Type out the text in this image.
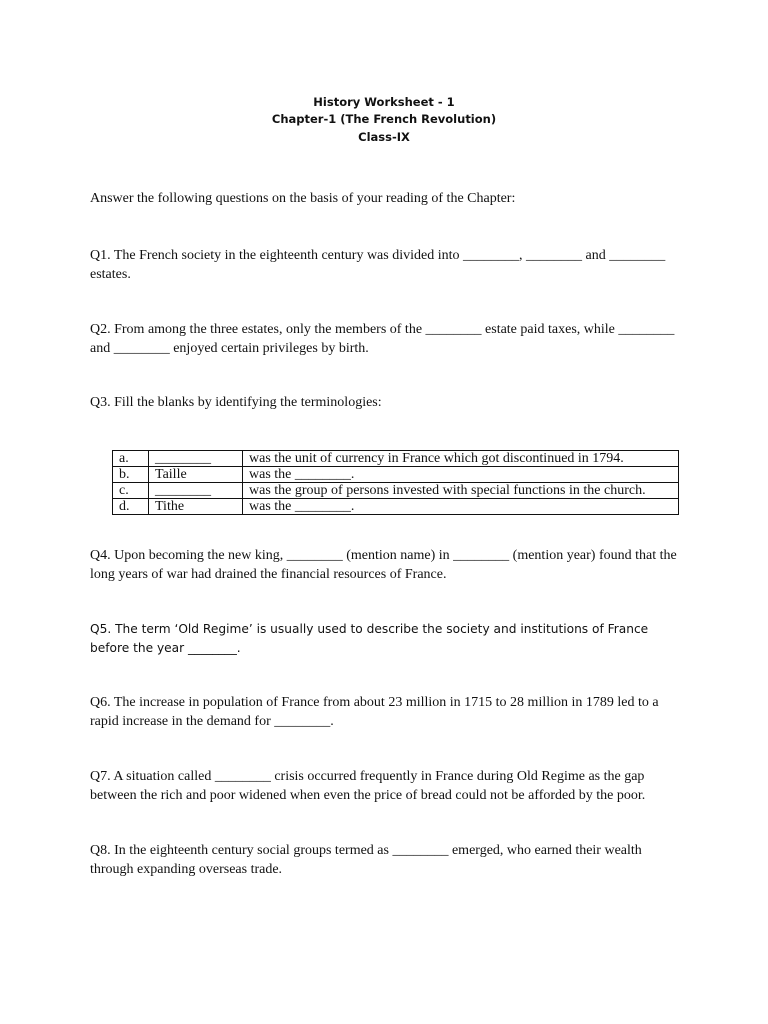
History Worksheet - 1
Chapter-1 (The French Revolution)
Class-IX
Answer the following questions on the basis of your reading of the Chapter:
Q1. The French society in the eighteenth century was divided into ________, ________ and ________ estates.
Q2. From among the three estates, only the members of the ________ estate paid taxes, while ________ and ________ enjoyed certain privileges by birth.
Q3. Fill the blanks by identifying the terminologies:
a.	________	was the unit of currency in France which got discontinued in 1794.
b.	Taille	was the ________.
c.	________	was the group of persons invested with special functions in the church.
d.	Tithe	was the ________.
Q4. Upon becoming the new king, ________ (mention name) in ________ (mention year) found that the long years of war had drained the financial resources of France.
Q5. The term ‘Old Regime’ is usually used to describe the society and institutions of France before the year ________.
Q6. The increase in population of France from about 23 million in 1715 to 28 million in 1789 led to a rapid increase in the demand for ________.
Q7. A situation called ________ crisis occurred frequently in France during Old Regime as the gap between the rich and poor widened when even the price of bread could not be afforded by the poor.
Q8. In the eighteenth century social groups termed as ________ emerged, who earned their wealth through expanding overseas trade.
